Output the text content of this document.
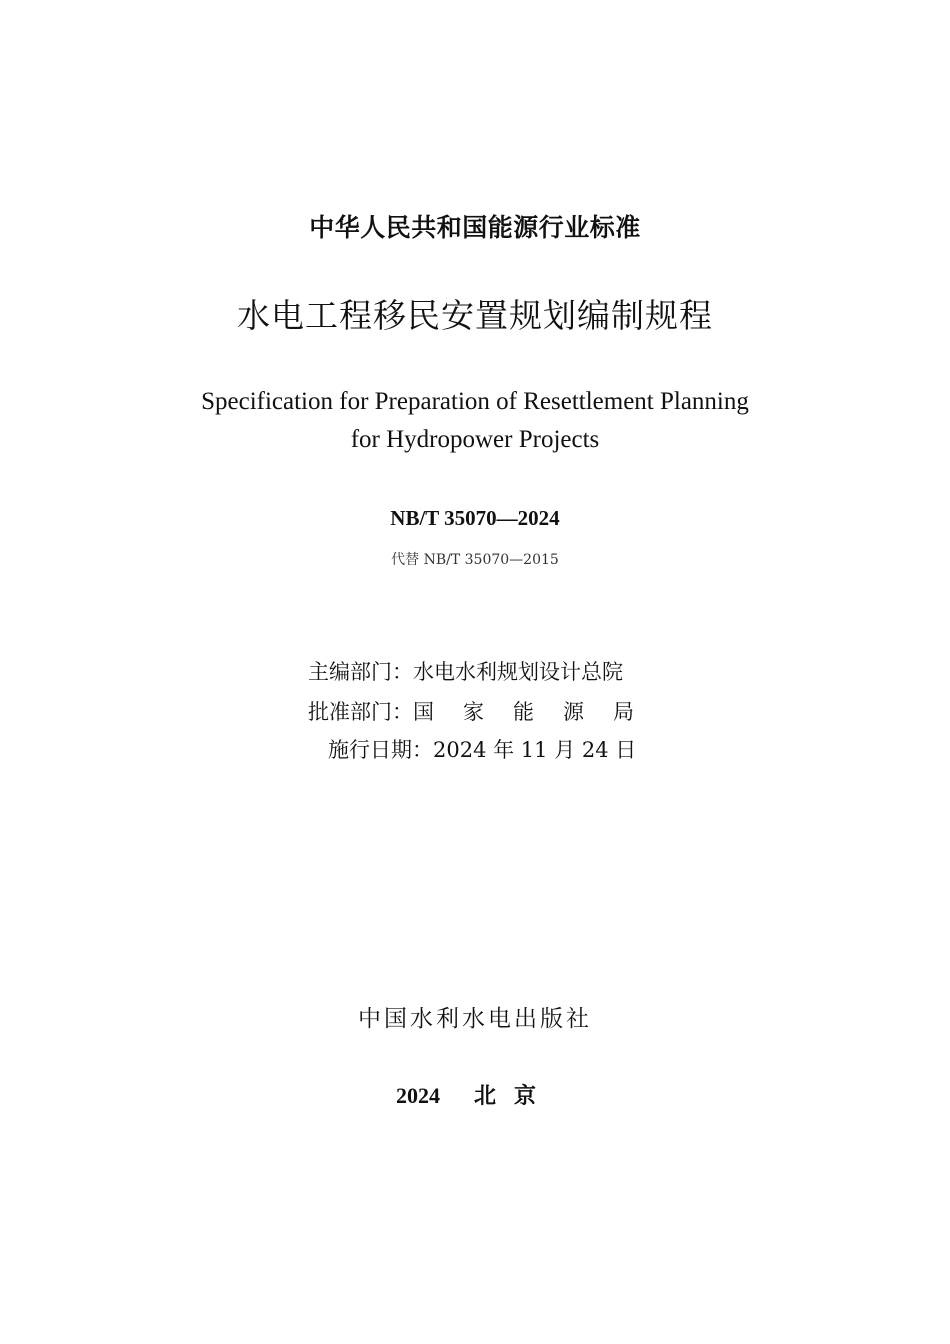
中华人民共和国能源行业标准
水电工程移民安置规划编制规程
Specification for Preparation of Resettlement Planning
for Hydropower Projects
NB/T 35070—2024
代替 NB/T 35070—2015
主编部门：水电水利规划设计总院
批准部门：国家能源局
施行日期：2024 年 11 月 24 日
中国水利水电出版社
2024 北京
